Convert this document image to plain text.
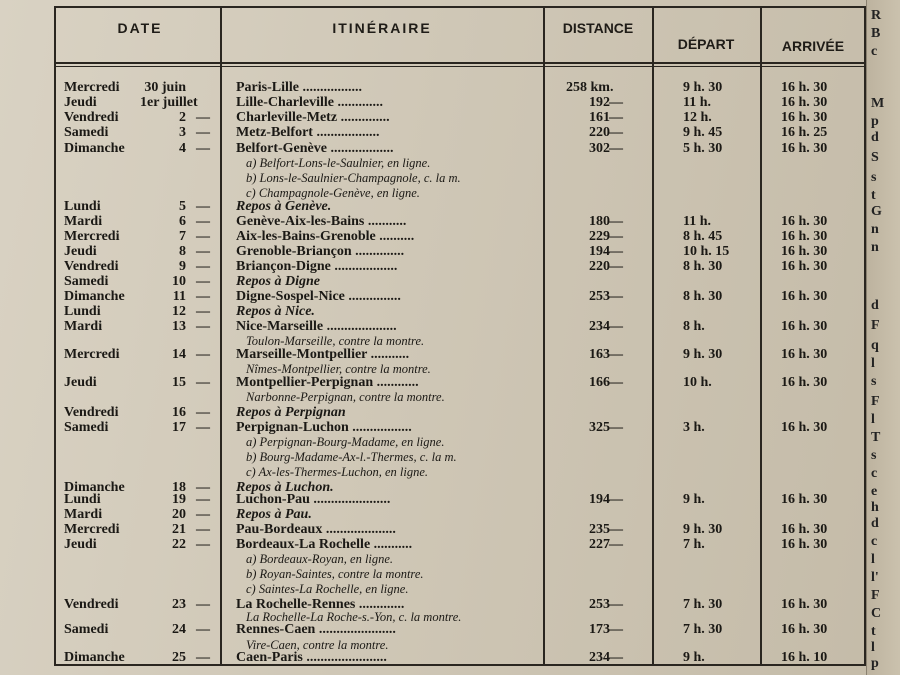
R
B
c
M
p
d
S
s
t
G
n
n
d
F
q
l
s
F
l
T
s
c
e
h
d
c
l
l'
F
C
t
l
p
DATE	ITINÉRAIRE	DISTANCE
DÉPART	ARRIVÉE
Mercredi	30 juin	Paris-Lille .................	258 km.	9 h. 30	16 h. 30
Jeudi	1er juillet	Lille-Charleville .............	192 —	11 h.	16 h. 30
Vendredi	2 — Charleville-Metz ..............	161 —	12 h.	16 h. 30
Samedi	3 — Metz-Belfort ..................	220 —	9 h. 45	16 h. 25
Dimanche	4 — Belfort-Genève ..................	302 —	5 h. 30	16 h. 30
a) Belfort-Lons-le-Saulnier, en ligne.
b) Lons-le-Saulnier-Champagnole, c. la m.
c) Champagnole-Genève, en ligne.
Lundi	5 — Repos à Genève.
Mardi	6 — Genève-Aix-les-Bains ...........	180 —	11 h.	16 h. 30
Mercredi	7 — Aix-les-Bains-Grenoble ..........	229 —	8 h. 45	16 h. 30
Jeudi	8 — Grenoble-Briançon ..............	194 —	10 h. 15	16 h. 30
Vendredi	9 — Briançon-Digne ..................	220 —	8 h. 30	16 h. 30
Samedi	10 — Repos à Digne
Dimanche	11 — Digne-Sospel-Nice ...............	253 —	8 h. 30	16 h. 30
Lundi	12 — Repos à Nice.
Mardi	13 — Nice-Marseille ....................	234 —	8 h.	16 h. 30
Toulon-Marseille, contre la montre.
Mercredi	14 — Marseille-Montpellier ...........	163 —	9 h. 30	16 h. 30
Nîmes-Montpellier, contre la montre.
Jeudi	15 — Montpellier-Perpignan ............	166 —	10 h.	16 h. 30
Narbonne-Perpignan, contre la montre.
Vendredi	16 — Repos à Perpignan
Samedi	17 — Perpignan-Luchon .................	325 —	3 h.	16 h. 30
a) Perpignan-Bourg-Madame, en ligne.
b) Bourg-Madame-Ax-l.-Thermes, c. la m.
c) Ax-les-Thermes-Luchon, en ligne.
Dimanche	18 — Repos à Luchon.
Lundi	19 — Luchon-Pau ......................	194 —	9 h.	16 h. 30
Mardi	20 — Repos à Pau.
Mercredi	21 — Pau-Bordeaux ....................	235 —	9 h. 30	16 h. 30
Jeudi	22 — Bordeaux-La Rochelle ...........	227 —	7 h.	16 h. 30
a) Bordeaux-Royan, en ligne.
b) Royan-Saintes, contre la montre.
c) Saintes-La Rochelle, en ligne.
Vendredi	23 — La Rochelle-Rennes .............	253 —	7 h. 30	16 h. 30
La Rochelle-La Roche-s.-Yon, c. la montre.
Samedi	24 — Rennes-Caen ......................	173 —	7 h. 30	16 h. 30
Vire-Caen, contre la montre.
Dimanche	25 — Caen-Paris .......................	234 —	9 h.	16 h. 10
